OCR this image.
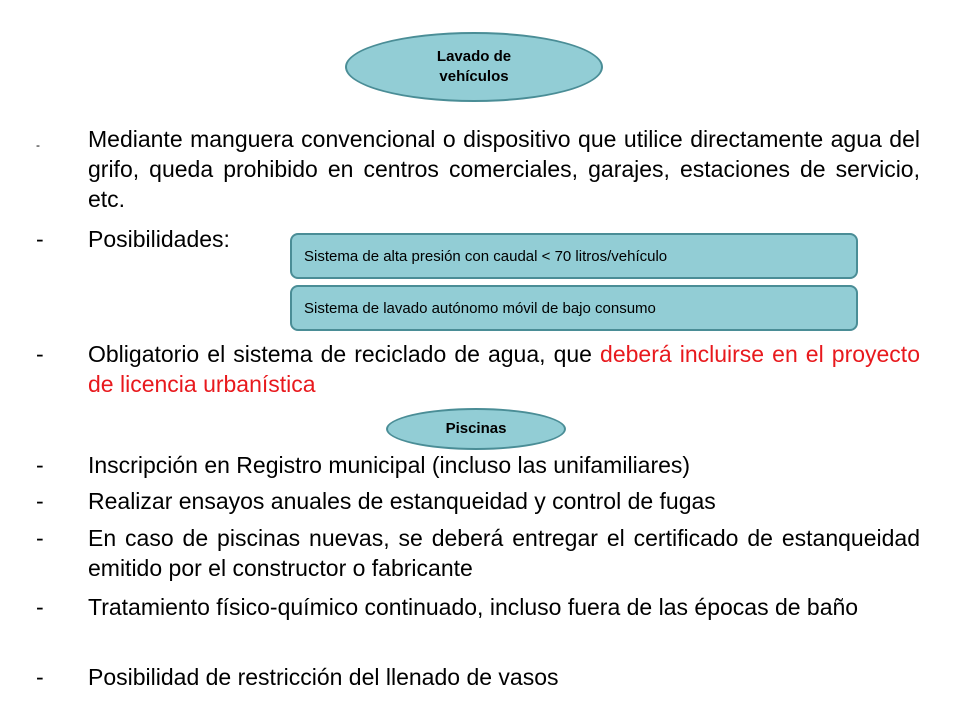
Lavado de
vehículos
-	Mediante manguera convencional o dispositivo que utilice directamente agua del grifo, queda prohibido en centros comerciales, garajes, estaciones de servicio, etc.
-	Posibilidades:
Sistema de alta presión con caudal < 70 litros/vehículo
Sistema de lavado autónomo móvil de bajo consumo
-	Obligatorio el sistema de reciclado de agua, que deberá incluirse en el proyecto de licencia urbanística
Piscinas
-	Inscripción en Registro municipal (incluso las unifamiliares)
-	Realizar ensayos anuales de estanqueidad y control de fugas
-	En caso de piscinas nuevas, se deberá entregar el certificado de estanqueidad emitido por el constructor o fabricante
-	Tratamiento físico-químico continuado, incluso fuera de las épocas de baño
-	Posibilidad de restricción del llenado de vasos
